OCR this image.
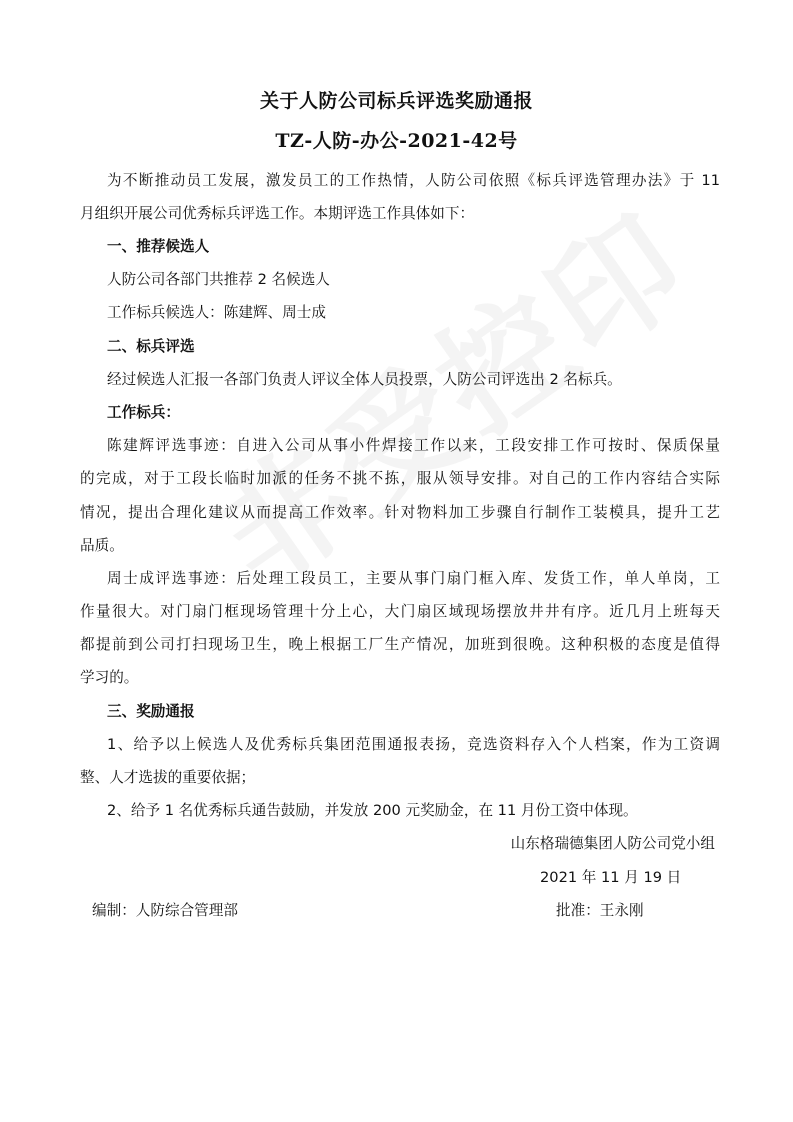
关于人防公司标兵评选奖励通报
TZ-人防-办公-2021-42号
为不断推动员工发展，激发员工的工作热情，人防公司依照《标兵评选管理办法》于 11
月组织开展公司优秀标兵评选工作。本期评选工作具体如下：
一、推荐候选人
人防公司各部门共推荐 2 名候选人
工作标兵候选人：陈建辉、周士成
二、标兵评选
经过候选人汇报一各部门负责人评议全体人员投票，人防公司评选出 2 名标兵。
工作标兵：
陈建辉评选事迹：自进入公司从事小件焊接工作以来，工段安排工作可按时、保质保量
的完成，对于工段长临时加派的任务不挑不拣，服从领导安排。对自己的工作内容结合实际
情况，提出合理化建议从而提高工作效率。针对物料加工步骤自行制作工装模具，提升工艺
品质。
周士成评选事迹：后处理工段员工，主要从事门扇门框入库、发货工作，单人单岗，工
作量很大。对门扇门框现场管理十分上心，大门扇区域现场摆放井井有序。近几月上班每天
都提前到公司打扫现场卫生，晚上根据工厂生产情况，加班到很晚。这种积极的态度是值得
学习的。
三、奖励通报
1、给予以上候选人及优秀标兵集团范围通报表扬，竞选资料存入个人档案，作为工资调
整、人才选拔的重要依据；
2、给予 1 名优秀标兵通告鼓励，并发放 200 元奖励金，在 11 月份工资中体现。
山东格瑞德集团人防公司党小组
2021 年 11 月 19 日
编制：人防综合管理部	批准：王永刚
